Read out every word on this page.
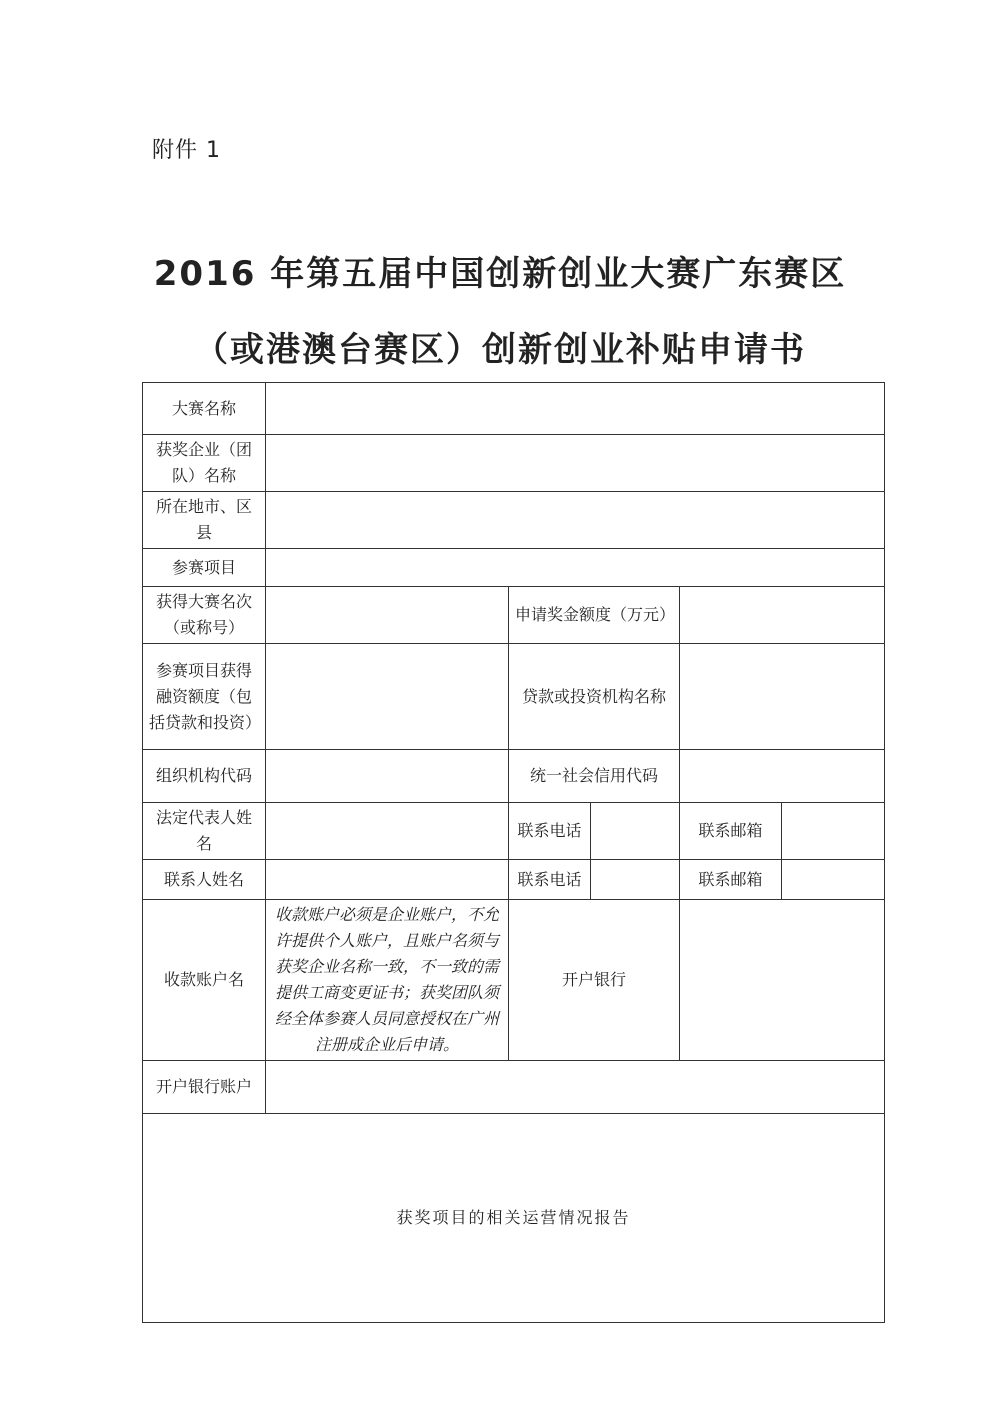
附件 1
2016 年第五届中国创新创业大赛广东赛区
（或港澳台赛区）创新创业补贴申请书
大赛名称					
获奖企业（团队）名称					
所在地市、区县					
参赛项目					
获得大赛名次（或称号）		申请奖金额度（万元）			
参赛项目获得融资额度（包括贷款和投资）		贷款或投资机构名称			
组织机构代码		统一社会信用代码			
法定代表人姓名		联系电话		联系邮箱	
联系人姓名		联系电话		联系邮箱	
收款账户名	收款账户必须是企业账户，不允许提供个人账户，且账户名须与获奖企业名称一致，不一致的需提供工商变更证书；获奖团队须经全体参赛人员同意授权在广州注册成企业后申请。	开户银行			
开户银行账户					
获奖项目的相关运营情况报告					
